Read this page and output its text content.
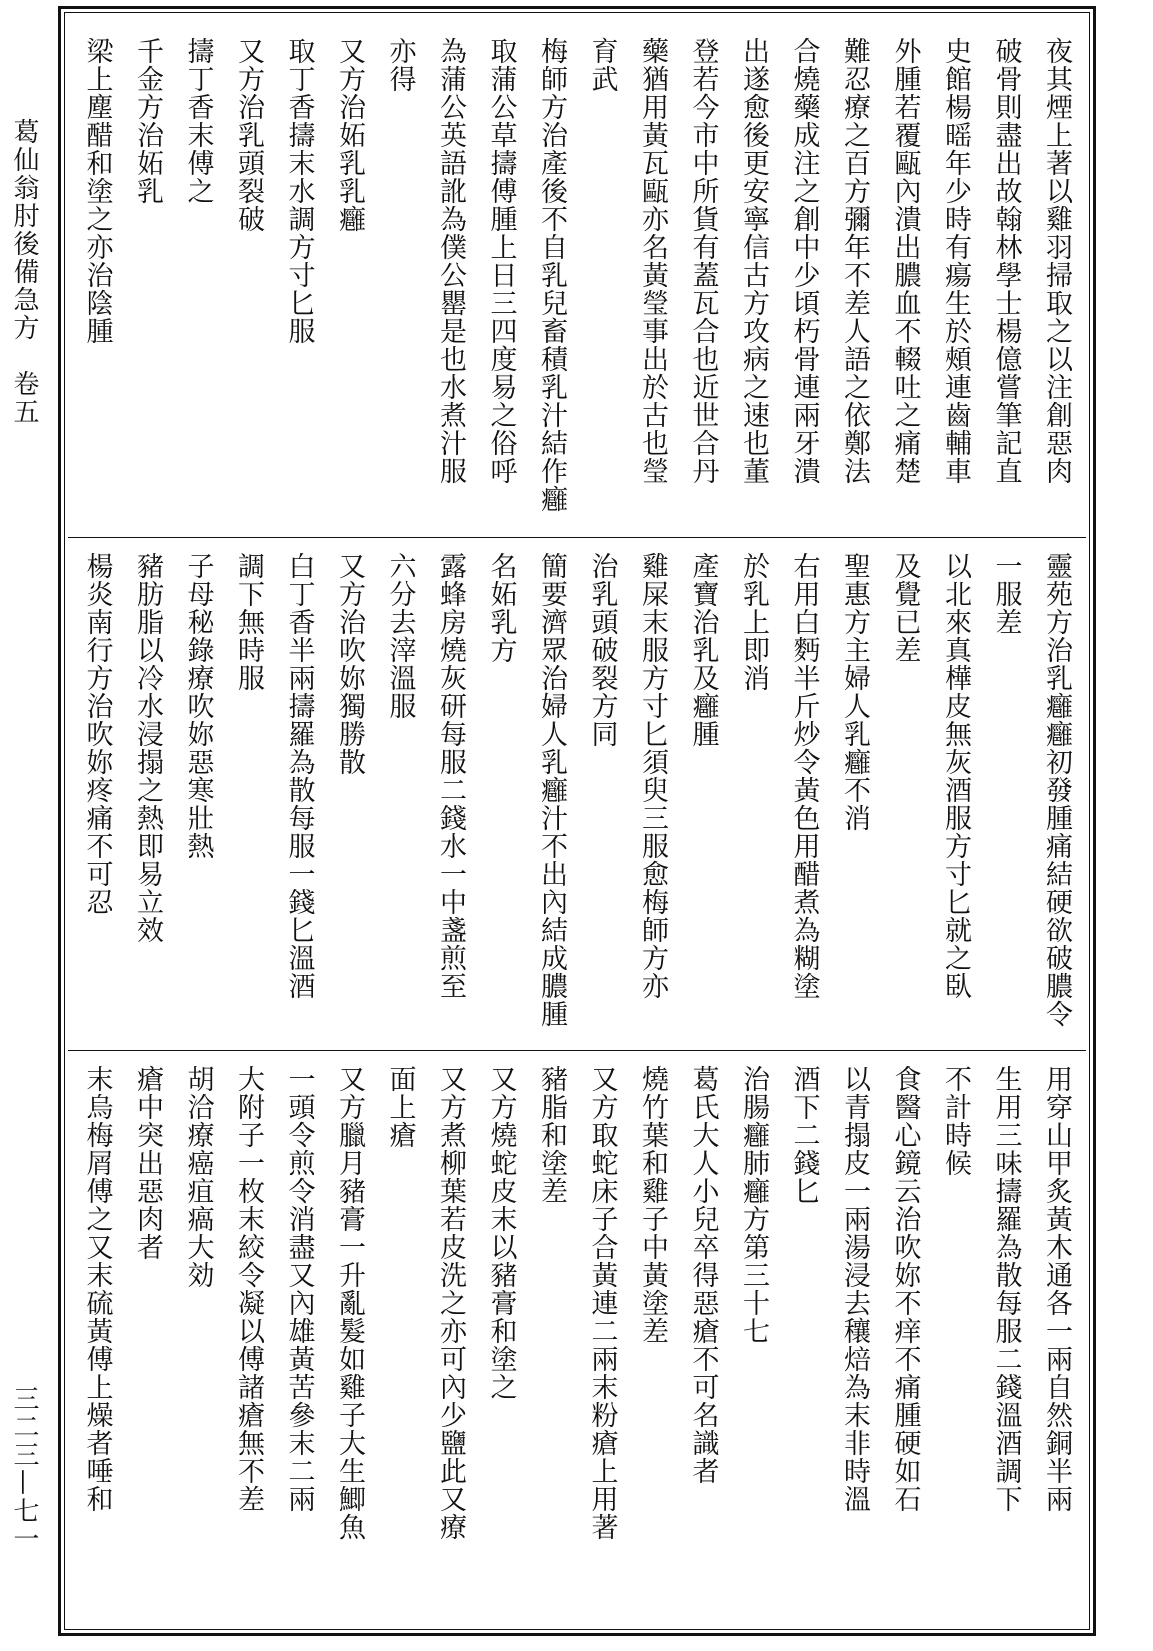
葛仙翁肘後備急方　卷五
三二三—七一
夜其煙上著以雞羽掃取之以注創惡肉
破骨則盡出故翰林學士楊億嘗筆記直
史館楊暚年少時有瘍生於頰連齒輔車
外腫若覆甌內潰出膿血不輟吐之痛楚
難忍療之百方彌年不差人語之依鄭法
合燒藥成注之創中少頃朽骨連兩牙潰
出遂愈後更安寧信古方攻病之速也董
登若今市中所貨有蓋瓦合也近世合丹
藥猶用黃瓦甌亦名黃瑩事出於古也瑩
育武
梅師方治產後不自乳兒畜積乳汁結作癰
取蒲公草擣傅腫上日三四度易之俗呼
為蒲公英語訛為僕公罌是也水煮汁服
亦得
又方治妬乳乳癰
取丁香擣末水調方寸匕服
又方治乳頭裂破
擣丁香末傅之
千金方治妬乳
梁上塵醋和塗之亦治陰腫
靈苑方治乳癰癰初發腫痛結硬欲破膿令
一服差
以北來真樺皮無灰酒服方寸匕就之臥
及覺已差
聖惠方主婦人乳癰不消
右用白麪半斤炒令黃色用醋煮為糊塗
於乳上即消
產寶治乳及癰腫
雞屎末服方寸匕須臾三服愈梅師方亦
治乳頭破裂方同
簡要濟眾治婦人乳癰汁不出內結成膿腫
名妬乳方
露蜂房燒灰研每服二錢水一中盞煎至
六分去滓溫服
又方治吹妳獨勝散
白丁香半兩擣羅為散每服一錢匕溫酒
調下無時服
子母秘錄療吹妳惡寒壯熱
豬肪脂以冷水浸搨之熱即易立效
楊炎南行方治吹妳疼痛不可忍
用穿山甲炙黃木通各一兩自然銅半兩
生用三味擣羅為散每服二錢溫酒調下
不計時候
食醫心鏡云治吹妳不痒不痛腫硬如石
以青搨皮一兩湯浸去穰焙為末非時溫
酒下二錢匕
治腸癰肺癰方第三十七
葛氏大人小兒卒得惡瘡不可名識者
燒竹葉和雞子中黃塗差
又方取蛇床子合黃連二兩末粉瘡上用著
豬脂和塗差
又方燒蛇皮末以豬膏和塗之
又方煮柳葉若皮洗之亦可內少鹽此又療
面上瘡
又方臘月豬膏一升亂髮如雞子大生鯽魚
一頭令煎令消盡又內雄黃苦參末二兩
大附子一枚末絞令凝以傅諸瘡無不差
胡洽療癌疽瘑大効
瘡中突出惡肉者
末烏梅屑傅之又末硫黃傅上燥者唾和
